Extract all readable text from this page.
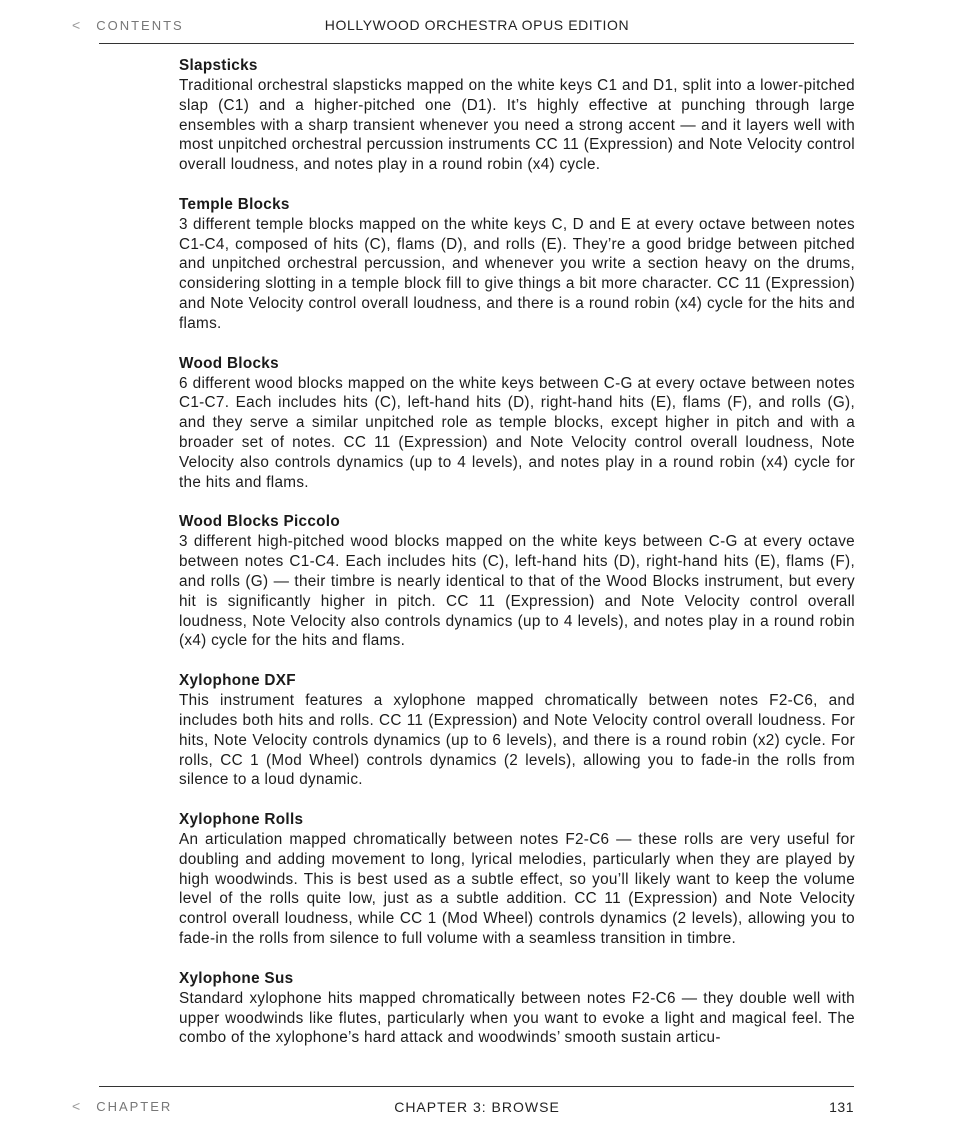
< CONTENTS	HOLLYWOOD ORCHESTRA OPUS EDITION
Slapsticks

Traditional orchestral slapsticks mapped on the white keys C1 and D1, split into a lower-pitched slap (C1) and a higher-pitched one (D1). It’s highly effective at punching through large ensembles with a sharp transient whenever you need a strong accent — and it layers well with most unpitched orchestral percussion instruments CC 11 (Expression) and Note Velocity control overall loudness, and notes play in a round robin (x4) cycle.

Temple Blocks

3 different temple blocks mapped on the white keys C, D and E at every octave between notes C1-C4, composed of hits (C), flams (D), and rolls (E). They’re a good bridge between pitched and unpitched orchestral percussion, and whenever you write a section heavy on the drums, considering slotting in a temple block fill to give things a bit more character. CC 11 (Expression) and Note Velocity control overall loudness, and there is a round robin (x4) cycle for the hits and flams.

Wood Blocks

6 different wood blocks mapped on the white keys between C-G at every octave between notes C1-C7. Each includes hits (C), left-hand hits (D), right-hand hits (E), flams (F), and rolls (G), and they serve a similar unpitched role as temple blocks, except higher in pitch and with a broader set of notes. CC 11 (Expression) and Note Velocity control overall loudness, Note Velocity also controls dynamics (up to 4 levels), and notes play in a round robin (x4) cycle for the hits and flams.

Wood Blocks Piccolo

3 different high-pitched wood blocks mapped on the white keys between C-G at every octave between notes C1-C4. Each includes hits (C), left-hand hits (D), right-hand hits (E), flams (F), and rolls (G) — their timbre is nearly identical to that of the Wood Blocks instrument, but every hit is significantly higher in pitch. CC 11 (Expression) and Note Velocity control overall loudness, Note Velocity also controls dynamics (up to 4 levels), and notes play in a round robin (x4) cycle for the hits and flams.

Xylophone DXF

This instrument features a xylophone mapped chromatically between notes F2-C6, and includes both hits and rolls. CC 11 (Expression) and Note Velocity control overall loudness. For hits, Note Velocity controls dynamics (up to 6 levels), and there is a round robin (x2) cycle. For rolls, CC 1 (Mod Wheel) controls dynamics (2 levels), allowing you to fade-in the rolls from silence to a loud dynamic.

Xylophone Rolls

An articulation mapped chromatically between notes F2-C6 — these rolls are very useful for doubling and adding movement to long, lyrical melodies, particularly when they are played by high woodwinds. This is best used as a subtle effect, so you’ll likely want to keep the volume level of the rolls quite low, just as a subtle addition. CC 11 (Expression) and Note Velocity control overall loudness, while CC 1 (Mod Wheel) controls dynamics (2 levels), allowing you to fade-in the rolls from silence to full volume with a seamless transition in timbre.

Xylophone Sus

Standard xylophone hits mapped chromatically between notes F2-C6 — they double well with upper woodwinds like flutes, particularly when you want to evoke a light and magical feel. The combo of the xylophone’s hard attack and woodwinds’ smooth sustain articu-

< CHAPTER	CHAPTER 3: BROWSE	131
